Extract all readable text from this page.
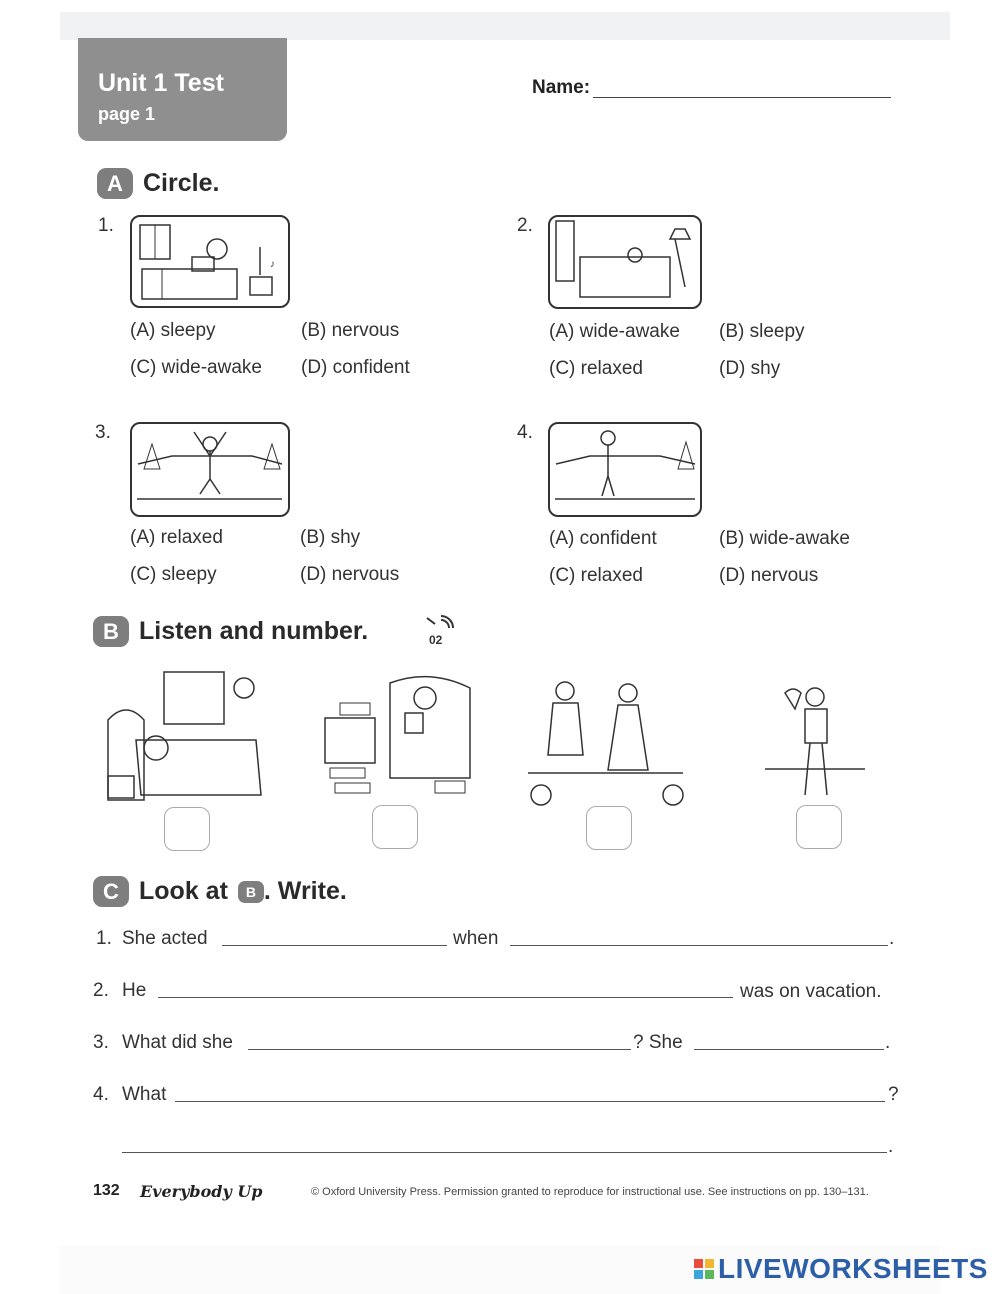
Unit 1 Test
page 1
Name:
A Circle.
1.
♪
(A) sleepy	(B) nervous
(C) wide-awake (D) confident
2.
(A) wide-awake (B) sleepy
(C) relaxed	(D) shy
3.
(A) relaxed	(B) shy
(C) sleepy	(D) nervous
4.
(A) confident	(B) wide-awake
(C) relaxed	(D) nervous
B Listen and number.	02
C Look at	B . Write.
1. She acted	when	.
2. He	was on vacation.
3. What did she	? She	.
4. What	?
.
132 Everybody Up	© Oxford University Press. Permission granted to reproduce for instructional use. See instructions on pp. 130–131.
LIVEWORKSHEETS
